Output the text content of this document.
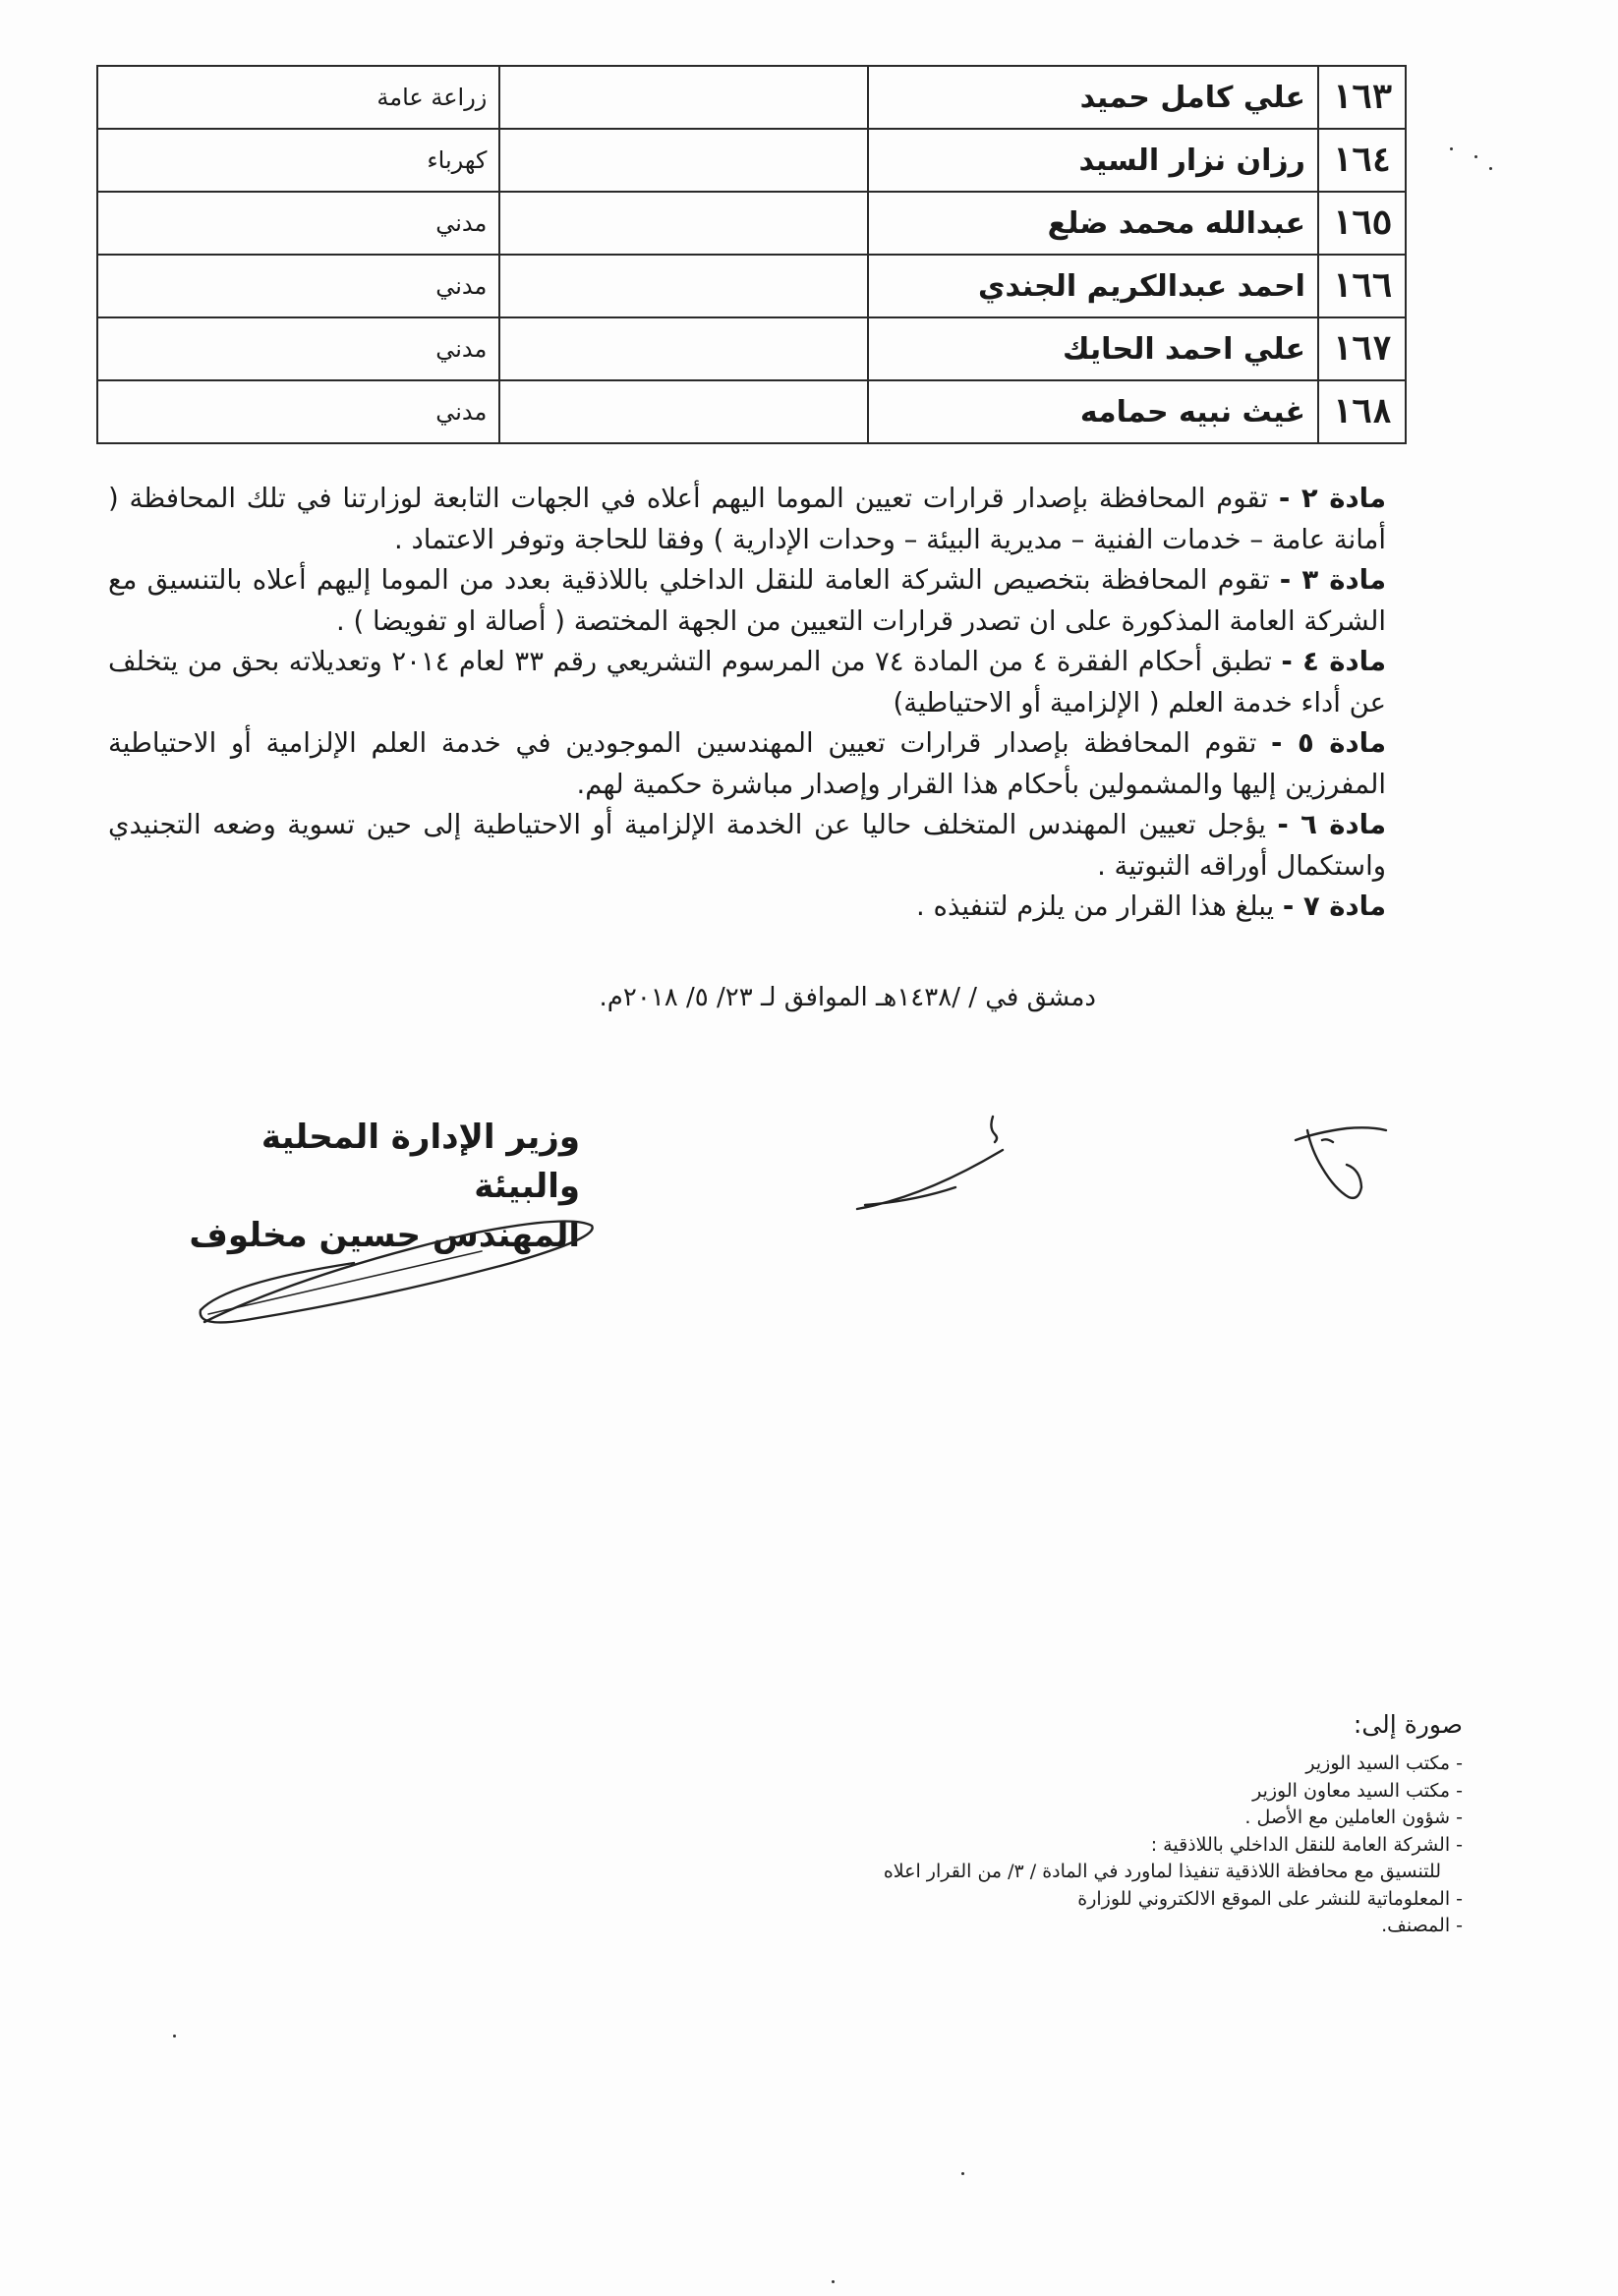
١٦٣	علي كامل حميد		زراعة عامة
١٦٤	رزان نزار السيد		كهرباء
١٦٥	عبدالله محمد ضلع		مدني
١٦٦	احمد عبدالكريم الجندي		مدني
١٦٧	علي احمد الحايك		مدني
١٦٨	غيث نبيه حمامه		مدني

مادة ٢ - تقوم المحافظة بإصدار قرارات تعيين الموما اليهم أعلاه في الجهات التابعة لوزارتنا في تلك المحافظة ( أمانة عامة – خدمات الفنية – مديرية البيئة – وحدات الإدارية ) وفقا للحاجة وتوفر الاعتماد .

مادة ٣ - تقوم المحافظة بتخصيص الشركة العامة للنقل الداخلي باللاذقية بعدد من الموما إليهم أعلاه بالتنسيق مع الشركة العامة المذكورة على ان تصدر قرارات التعيين من الجهة المختصة ( أصالة او تفويضا ) .

مادة ٤ - تطبق أحكام الفقرة ٤ من المادة ٧٤ من المرسوم التشريعي رقم ٣٣ لعام ٢٠١٤ وتعديلاته بحق من يتخلف عن أداء خدمة العلم ( الإلزامية أو الاحتياطية)

مادة ٥ - تقوم المحافظة بإصدار قرارات تعيين المهندسين الموجودين في خدمة العلم الإلزامية أو الاحتياطية المفرزين إليها والمشمولين بأحكام هذا القرار وإصدار مباشرة حكمية لهم.

مادة ٦ - يؤجل تعيين المهندس المتخلف حاليا عن الخدمة الإلزامية أو الاحتياطية إلى حين تسوية وضعه التجنيدي واستكمال أوراقه الثبوتية .

مادة ٧ - يبلغ هذا القرار من يلزم لتنفيذه .

دمشق في / /١٤٣٨هـ الموافق لـ ٢٣/ ٥/ ٢٠١٨م.
وزير الإدارة المحلية والبيئة
المهندس حسين مخلوف
صورة إلى:
- مكتب السيد الوزير
- مكتب السيد معاون الوزير
- شؤون العاملين مع الأصل .
- الشركة العامة للنقل الداخلي باللاذقية :
للتنسيق مع محافظة اللاذقية تنفيذا لماورد في المادة / ٣/ من القرار اعلاه
- المعلوماتية للنشر على الموقع الالكتروني للوزارة
- المصنف.
